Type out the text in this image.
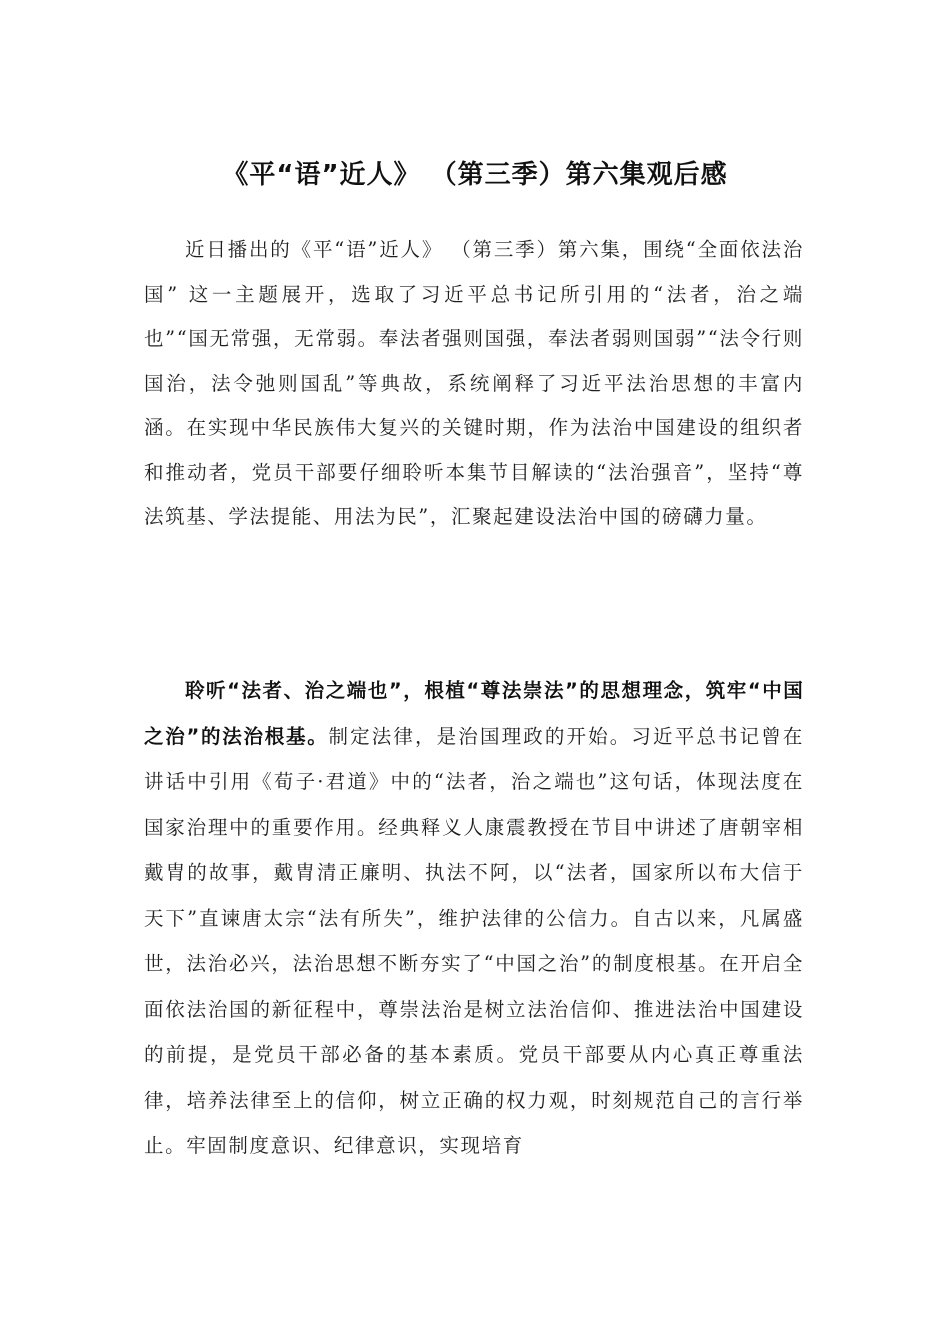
《平“语”近人》 （第三季）第六集观后感

近日播出的《平“语”近人》 （第三季）第六集，围绕“全面依法治国” 这一主题展开，选取了习近平总书记所引用的“法者，治之端也”“国无常强，无常弱。奉法者强则国强，奉法者弱则国弱”“法令行则国治，法令弛则国乱”等典故，系统阐释了习近平法治思想的丰富内涵。在实现中华民族伟大复兴的关键时期，作为法治中国建设的组织者和推动者，党员干部要仔细聆听本集节目解读的“法治强音”，坚持“尊法筑基、学法提能、用法为民”，汇聚起建设法治中国的磅礴力量。

聆听“法者、治之端也”，根植“尊法崇法”的思想理念，筑牢“中国之治”的法治根基。制定法律，是治国理政的开始。习近平总书记曾在讲话中引用《荀子·君道》中的“法者，治之端也”这句话，体现法度在国家治理中的重要作用。经典释义人康震教授在节目中讲述了唐朝宰相戴胄的故事，戴胄清正廉明、执法不阿，以“法者，国家所以布大信于天下”直谏唐太宗“法有所失”，维护法律的公信力。自古以来，凡属盛世，法治必兴，法治思想不断夯实了“中国之治”的制度根基。在开启全面依法治国的新征程中，尊崇法治是树立法治信仰、推进法治中国建设的前提，是党员干部必备的基本素质。党员干部要从内心真正尊重法律，培养法律至上的信仰，树立正确的权力观，时刻规范自己的言行举止。牢固制度意识、纪律意识，实现培育
